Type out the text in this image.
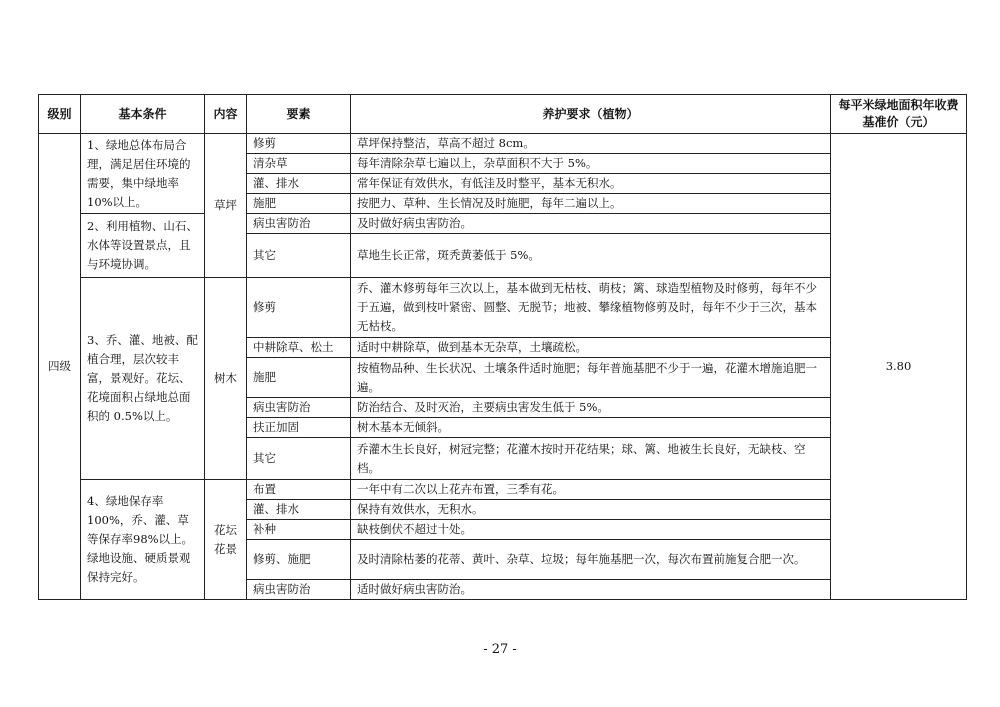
级别	基本条件	内容	要素	养护要求（植物）	每平米绿地面积年收费基准价（元）
四级	1、绿地总体布局合理，满足居住环境的需要，集中绿地率10%以上。	草坪	修剪	草坪保持整洁，草高不超过 8cm。	3.80
			清杂草	每年清除杂草七遍以上，杂草面积不大于 5%。	
			灌、排水	常年保证有效供水，有低洼及时整平，基本无积水。	
			施肥	按肥力、草种、生长情况及时施肥，每年二遍以上。	
	2、利用植物、山石、水体等设置景点，且与环境协调。		病虫害防治	及时做好病虫害防治。	
			其它	草地生长正常，斑秃黄萎低于 5%。	
	3、乔、灌、地被、配植合理，层次较丰富，景观好。花坛、花境面积占绿地总面积的 0.5%以上。	树木	修剪	乔、灌木修剪每年三次以上，基本做到无枯枝、萌枝；篱、球造型植物及时修剪，每年不少于五遍，做到枝叶紧密、圆整、无脱节；地被、攀缘植物修剪及时，每年不少于三次，基本无枯枝。	
			中耕除草、松土	适时中耕除草，做到基本无杂草，土壤疏松。	
			施肥	按植物品种、生长状况、土壤条件适时施肥；每年普施基肥不少于一遍，花灌木增施追肥一遍。	
			病虫害防治	防治结合、及时灭治，主要病虫害发生低于 5%。	
			扶正加固	树木基本无倾斜。	
			其它	乔灌木生长良好，树冠完整；花灌木按时开花结果；球、篱、地被生长良好，无缺枝、空档。	
	4、绿地保存率 100%，乔、灌、草等保存率98%以上。绿地设施、硬质景观保持完好。	花坛花景	布置	一年中有二次以上花卉布置，三季有花。	
			灌、排水	保持有效供水，无积水。	
			补种	缺枝倒伏不超过十处。	
			修剪、施肥	及时清除枯萎的花蒂、黄叶、杂草、垃圾；每年施基肥一次，每次布置前施复合肥一次。	
			病虫害防治	适时做好病虫害防治。	
- 27 -
